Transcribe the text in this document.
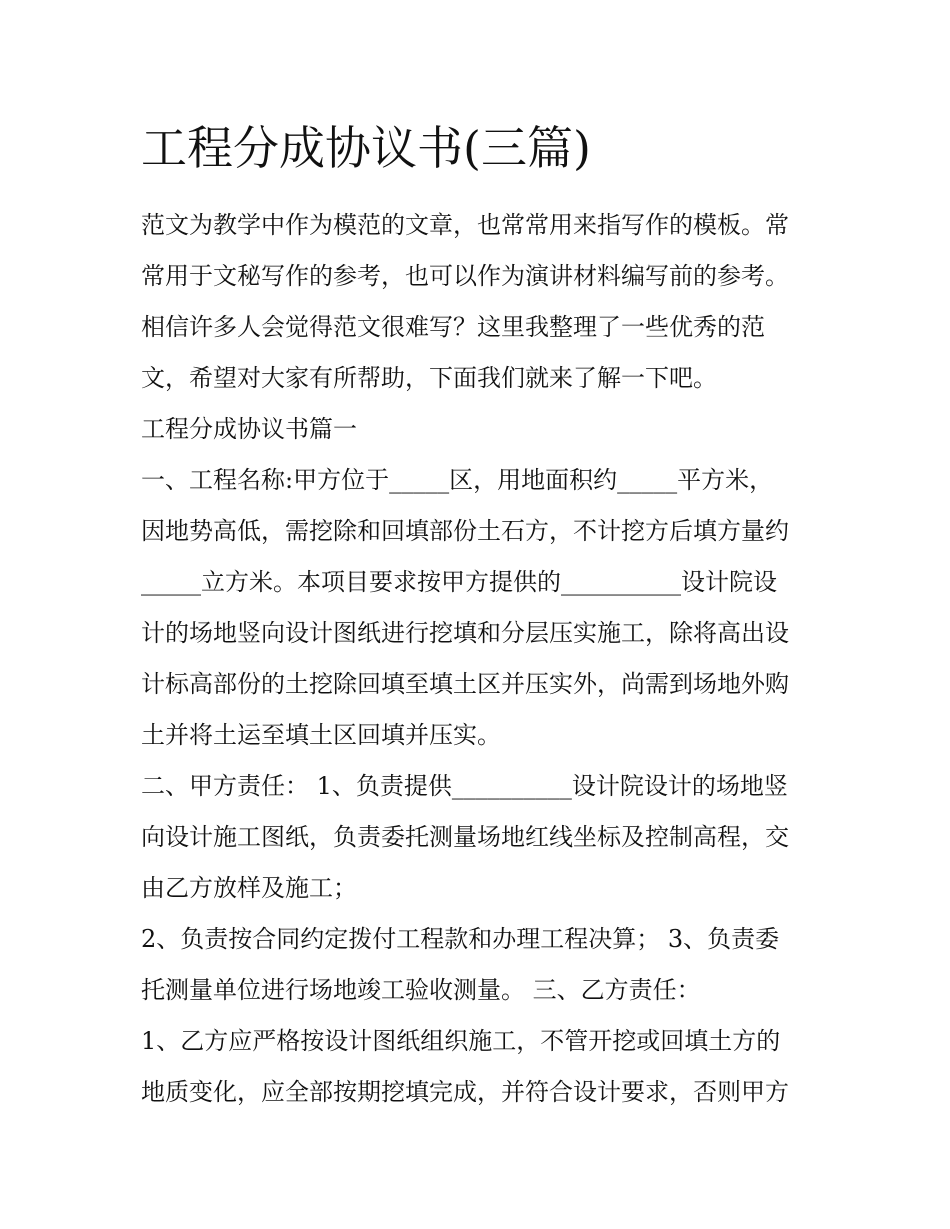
工程分成协议书(三篇)
范文为教学中作为模范的文章，也常常用来指写作的模板。常
常用于文秘写作的参考，也可以作为演讲材料编写前的参考。
相信许多人会觉得范文很难写？这里我整理了一些优秀的范
文，希望对大家有所帮助，下面我们就来了解一下吧。
工程分成协议书篇一
一、工程名称:甲方位于_____区，用地面积约_____平方米，
因地势高低，需挖除和回填部份土石方，不计挖方后填方量约
_____立方米。本项目要求按甲方提供的__________设计院设
计的场地竖向设计图纸进行挖填和分层压实施工，除将高出设
计标高部份的土挖除回填至填土区并压实外，尚需到场地外购
土并将土运至填土区回填并压实。
二、甲方责任： 1、负责提供__________设计院设计的场地竖
向设计施工图纸，负责委托测量场地红线坐标及控制高程，交
由乙方放样及施工；
2、负责按合同约定拨付工程款和办理工程决算； 3、负责委
托测量单位进行场地竣工验收测量。 三、乙方责任：
1、乙方应严格按设计图纸组织施工，不管开挖或回填土方的
地质变化，应全部按期挖填完成，并符合设计要求，否则甲方
